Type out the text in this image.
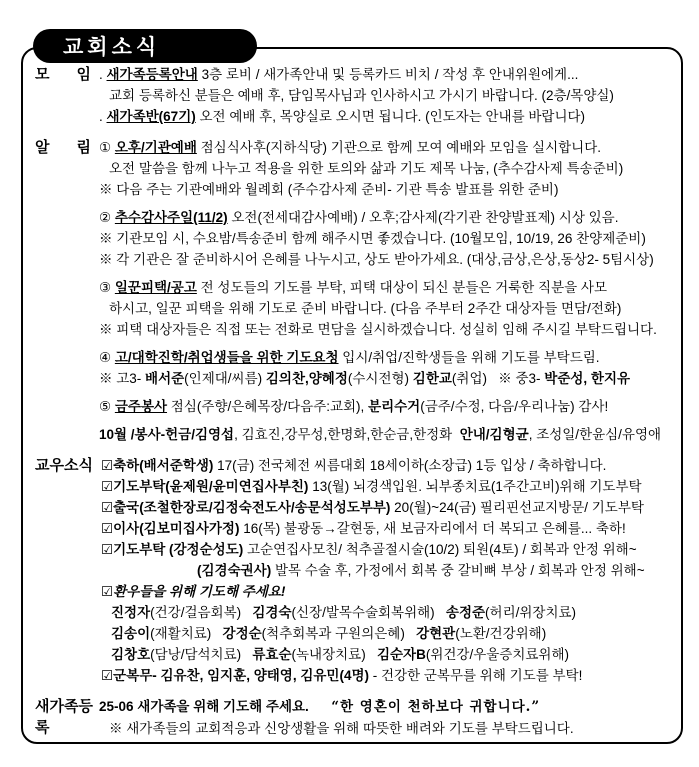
교회소식
모 임 . 새가족등록안내 3층 로비 / 새가족안내 및 등록카드 비치 / 작성 후 안내위원에게...
교회 등록하신 분들은 예배 후, 담임목사님과 인사하시고 가시기 바랍니다. (2층/목양실)
. 새가족반(67기) 오전 예배 후, 목양실로 오시면 됩니다. (인도자는 안내를 바랍니다)
알 림 ① 오후/기관예배 점심식사후(지하식당) 기관으로 함께 모여 예배와 모임을 실시합니다.
오전 말씀을 함께 나누고 적용을 위한 토의와 삶과 기도 제목 나눔, (추수감사제 특송준비)
※ 다음 주는 기관예배와 월례회 (주수감사제 준비- 기관 특송 발표를 위한 준비)
② 추수감사주일(11/2) 오전(전세대감사예배) / 오후;감사제(각기관 찬양발표제) 시상 있음.
※ 기관모임 시, 수요밤/특송준비 함께 해주시면 좋겠습니다. (10월모임, 10/19, 26 찬양제준비)
※ 각 기관은 잘 준비하시어 은혜를 나누시고, 상도 받아가세요. (대상,금상,은상,동상2- 5팀시상)
③ 일꾼피택/공고 전 성도들의 기도를 부탁, 피택 대상이 되신 분들은 거룩한 직분을 사모
하시고, 일꾼 피택을 위해 기도로 준비 바랍니다. (다음 주부터 2주간 대상자들 면담/전화)
※ 피택 대상자들은 직접 또는 전화로 면담을 실시하겠습니다. 성실히 임해 주시길 부탁드립니다.
④ 고/대학진학/취업생들을 위한 기도요청 입시/취업/진학생들을 위해 기도를 부탁드림.
※ 고3- 배서준(인제대/씨름) 김의찬,양혜정(수시전형) 김한교(취업)   ※ 중3- 박준성, 한지유
⑤ 금주봉사 점심(주향/은혜목장/다음주:교회), 분리수거(금주/수정, 다음/우리나눔) 감사!
10월 /봉사-헌금/김영섭, 김효진,강무성,한명화,한순금,한정화  안내/김형균, 조성일/한윤심/유영애
교 우 소 식 ☑축하(배서준학생) 17(금) 전국체전 씨름대회 18세이하(소장급) 1등 입상 / 축하합니다.
☑기도부탁(윤제원/윤미연집사부친) 13(월) 뇌경색입원. 뇌부종치료(1주간고비)위해 기도부탁
☑출국(조철한장로/김정숙전도사/송문석성도부부) 20(월)~24(금) 필리핀선교지방문/ 기도부탁
☑이사(김보미집사가정) 16(목) 불광동→갈현동, 새 보금자리에서 더 복되고 은혜를... 축하!
☑기도부탁 (강정순성도) 고순연집사모친/ 척추골절시술(10/2) 퇴원(4토) / 회복과 안정 위해~
(김경숙권사) 발목 수술 후, 가정에서 회복 중 갈비뼈 부상 / 회복과 안정 위해~
☑환우들을 위해 기도해 주세요!
진정자(건강/걸음회복)   김경숙(신장/발목수술회복위해)   송정준(허리/위장치료)
김송이(재활치료)   강정순(척추회복과 구원의은혜)   강현관(노환/건강위해)
김창호(담낭/담석치료)   류효순(녹내장치료)   김순자B(위건강/우울증치료위해)
☑군복무- 김유찬, 임지훈, 양태영, 김유민(4명) - 건강한 군복무를 위해 기도를 부탁!
새가족등록
25-06 새가족을 위해 기도해 주세요. “한 영혼이 천하보다 귀합니다.”
※ 새가족들의 교회적응과 신앙생활을 위해 따뜻한 배려와 기도를 부탁드립니다.
